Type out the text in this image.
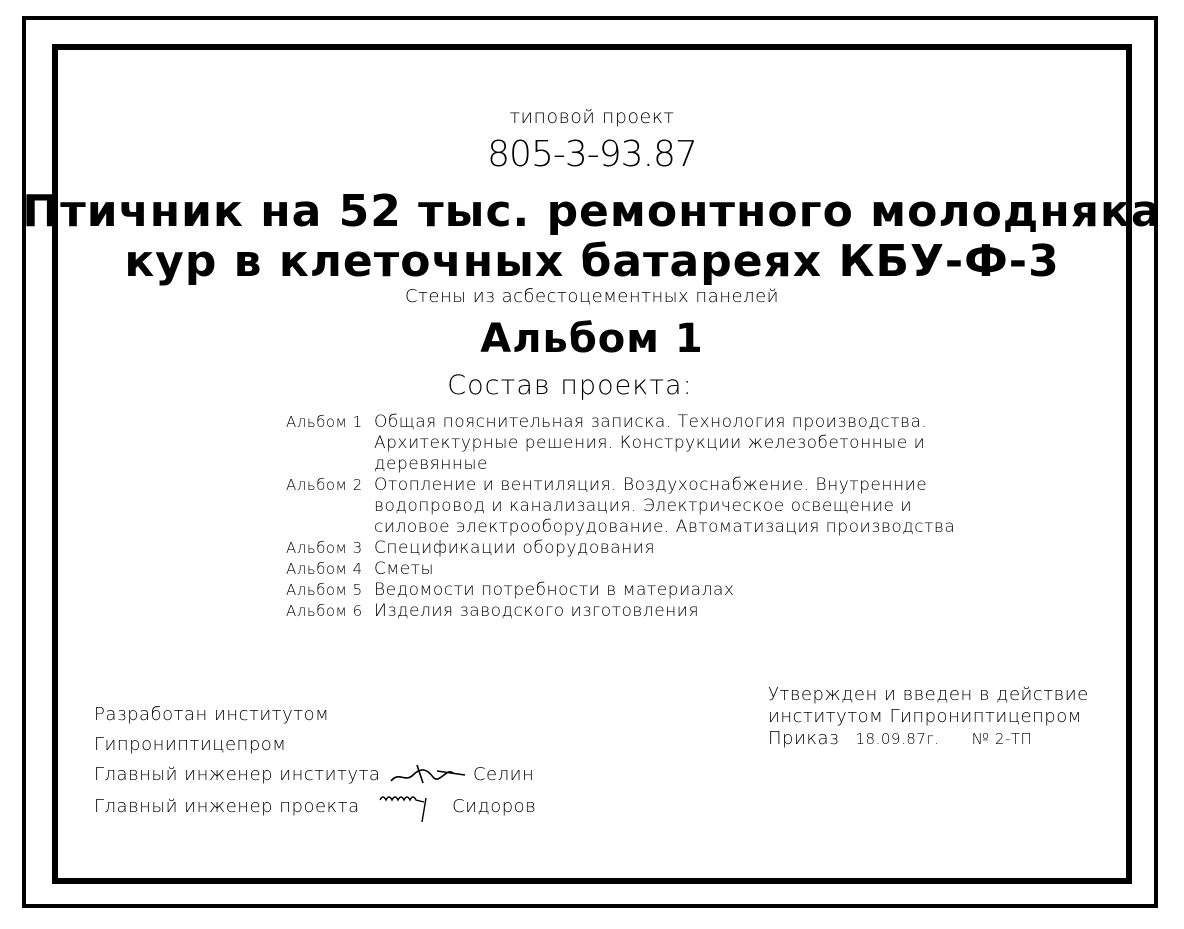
типовой проект
805-3-93.87
Птичник на 52 тыс. ремонтного молодняка
кур в клеточных батареях КБУ-Ф-3
Стены из асбестоцементных панелей
Альбом 1
Состав проекта:
Альбом 1 Общая пояснительная записка. Технология производства.
Архитектурные решения. Конструкции железобетонные и
деревянные
Альбом 2 Отопление и вентиляция. Воздухоснабжение. Внутренние
водопровод и канализация. Электрическое освещение и
силовое электрооборудование. Автоматизация производства
Альбом 3 Спецификации оборудования
Альбом 4 Сметы
Альбом 5 Ведомости потребности в материалах
Альбом 6 Изделия заводского изготовления
Разработан институтом
Гипрониптицепром
Главный инженер института	Селин
Главный инженер проекта	Сидоров
Утвержден и введен в действие
институтом Гипрониптицепром
Приказ 18.09.87г. № 2-ТП
